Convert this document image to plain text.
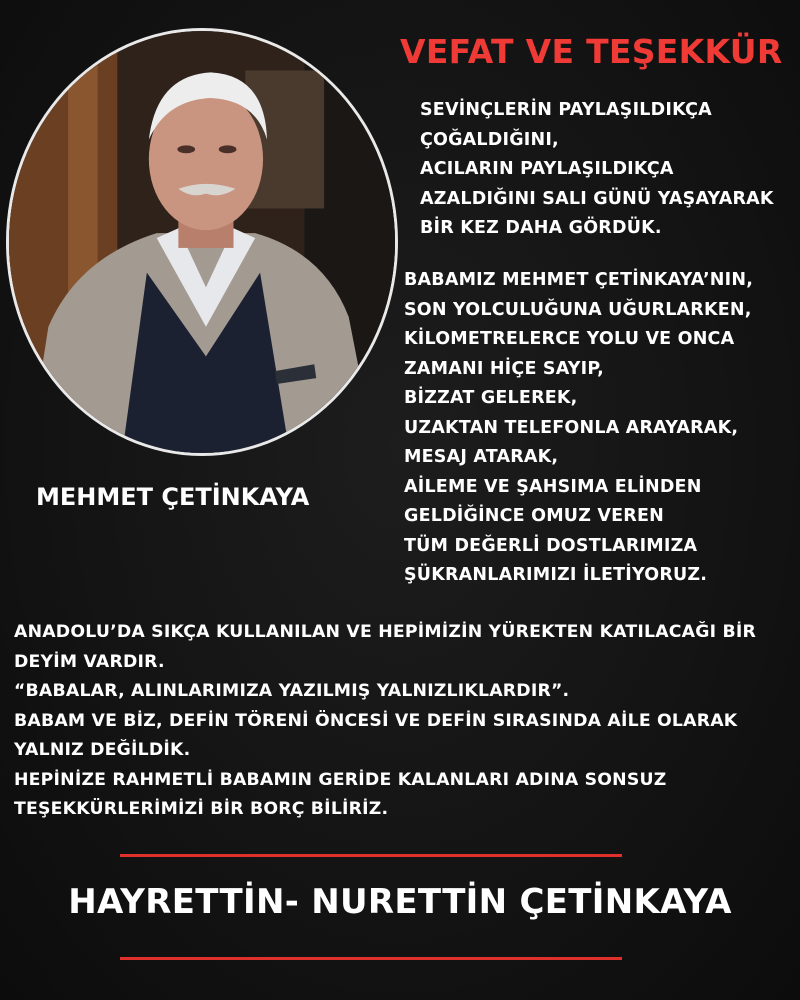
VEFAT VE TEŞEKKÜR
SEVİNÇLERİN PAYLAŞILDIKÇA
ÇOĞALDIĞINI,
ACILARIN PAYLAŞILDIKÇA
AZALDIĞINI SALI GÜNÜ YAŞAYARAK
BİR KEZ DAHA GÖRDÜK.
BABAMIZ MEHMET ÇETİNKAYA’NIN,
SON YOLCULUĞUNA UĞURLARKEN,
KİLOMETRELERCE YOLU VE ONCA
ZAMANI HİÇE SAYIP,
BİZZAT GELEREK,
UZAKTAN TELEFONLA ARAYARAK,
MESAJ ATARAK,
AİLEME VE ŞAHSIMA ELİNDEN
GELDİĞİNCE OMUZ VEREN
TÜM DEĞERLİ DOSTLARIMIZA
ŞÜKRANLARIMIZI İLETİYORUZ.
MEHMET ÇETİNKAYA
ANADOLU’DA SIKÇA KULLANILAN VE HEPİMİZİN YÜREKTEN KATILACAĞI BİR
DEYİM VARDIR.
“BABALAR, ALINLARIMIZA YAZILMIŞ YALNIZLIKLARDIR”.
BABAM VE BİZ, DEFİN TÖRENİ ÖNCESİ VE DEFİN SIRASINDA AİLE OLARAK
YALNIZ DEĞİLDİK.
HEPİNİZE RAHMETLİ BABAMIN GERİDE KALANLARI ADINA SONSUZ
TEŞEKKÜRLERİMİZİ BİR BORÇ BİLİRİZ.
HAYRETTİN- NURETTİN ÇETİNKAYA
